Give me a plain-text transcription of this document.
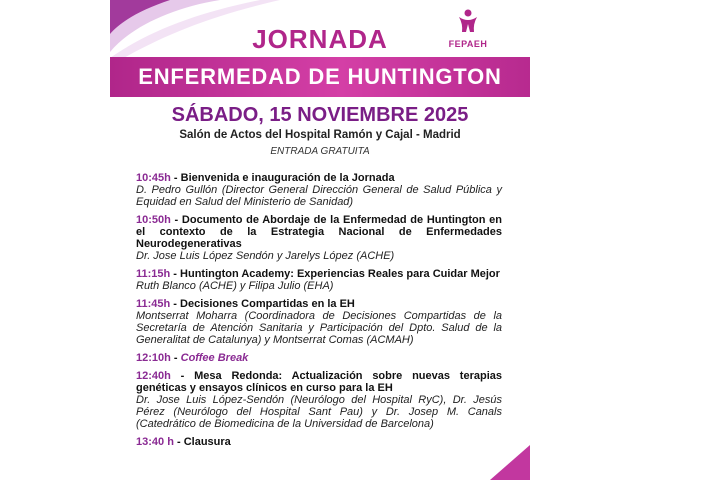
JORNADA	FEPAEH
ENFERMEDAD DE HUNTINGTON
SÁBADO, 15 NOVIEMBRE 2025
Salón de Actos del Hospital Ramón y Cajal - Madrid
ENTRADA GRATUITA
10:45h - Bienvenida e inauguración de la Jornada
D. Pedro Gullón (Director General Dirección General de Salud Pública y Equidad en Salud del Ministerio de Sanidad)
10:50h - Documento de Abordaje de la Enfermedad de Huntington en el contexto de la Estrategia Nacional de Enfermedades Neurodegenerativas
Dr. Jose Luis López Sendón y Jarelys López (ACHE)
11:15h - Huntington Academy: Experiencias Reales para Cuidar Mejor
Ruth Blanco (ACHE) y Filipa Julio (EHA)
11:45h - Decisiones Compartidas en la EH
Montserrat Moharra (Coordinadora de Decisiones Compartidas de la Secretaría de Atención Sanitaria y Participación del Dpto. Salud de la Generalitat de Catalunya) y Montserrat Comas (ACMAH)
12:10h - Coffee Break
12:40h - Mesa Redonda: Actualización sobre nuevas terapias genéticas y ensayos clínicos en curso para la EH
Dr. Jose Luis López-Sendón (Neurólogo del Hospital RyC), Dr. Jesús Pérez (Neurólogo del Hospital Sant Pau) y Dr. Josep M. Canals (Catedrático de Biomedicina de la Universidad de Barcelona)
13:40 h - Clausura
